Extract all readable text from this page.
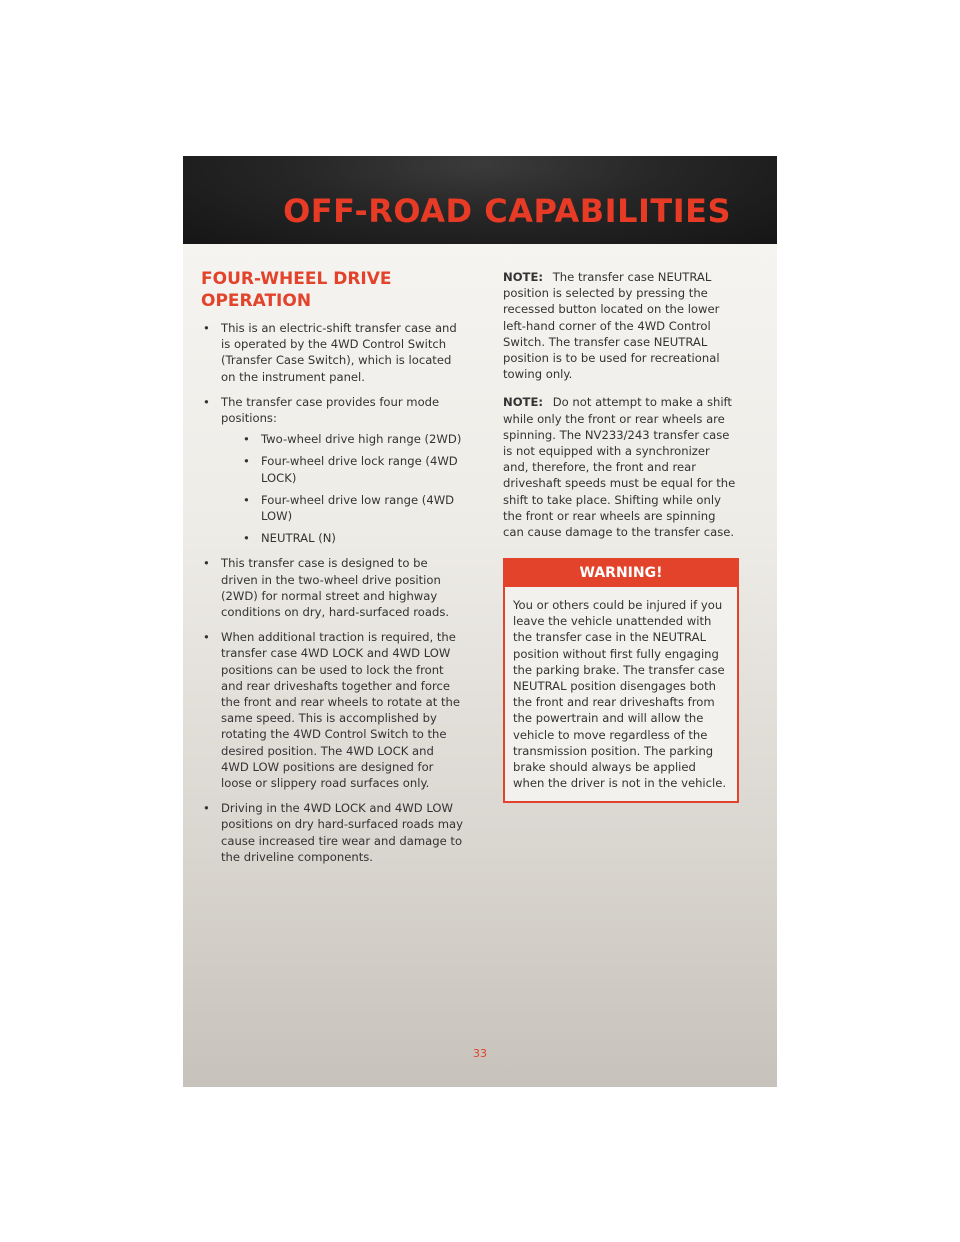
OFF-ROAD CAPABILITIES
FOUR-WHEEL DRIVE
OPERATION
• This is an electric-shift transfer case and is operated by the 4WD Control Switch (Transfer Case Switch), which is located on the instrument panel.
• The transfer case provides four mode positions:
• Two-wheel drive high range (2WD)
• Four-wheel drive lock range (4WD LOCK)
• Four-wheel drive low range (4WD LOW)
• NEUTRAL (N)
• This transfer case is designed to be driven in the two-wheel drive position (2WD) for normal street and highway conditions on dry, hard-surfaced roads.
• When additional traction is required, the transfer case 4WD LOCK and 4WD LOW positions can be used to lock the front and rear driveshafts together and force the front and rear wheels to rotate at the same speed. This is accomplished by rotating the 4WD Control Switch to the desired position. The 4WD LOCK and 4WD LOW positions are designed for loose or slippery road surfaces only.
• Driving in the 4WD LOCK and 4WD LOW positions on dry hard-surfaced roads may cause increased tire wear and damage to the driveline components.
NOTE: The transfer case NEUTRAL position is selected by pressing the recessed button located on the lower left-hand corner of the 4WD Control Switch. The transfer case NEUTRAL position is to be used for recreational towing only.
NOTE: Do not attempt to make a shift while only the front or rear wheels are spinning. The NV233/243 transfer case is not equipped with a synchronizer and, therefore, the front and rear driveshaft speeds must be equal for the shift to take place. Shifting while only the front or rear wheels are spinning can cause damage to the transfer case.
WARNING!
You or others could be injured if you leave the vehicle unattended with the transfer case in the NEUTRAL position without first fully engaging the parking brake. The transfer case NEUTRAL position disengages both the front and rear driveshafts from the powertrain and will allow the vehicle to move regardless of the transmission position. The parking brake should always be applied when the driver is not in the vehicle.
33
